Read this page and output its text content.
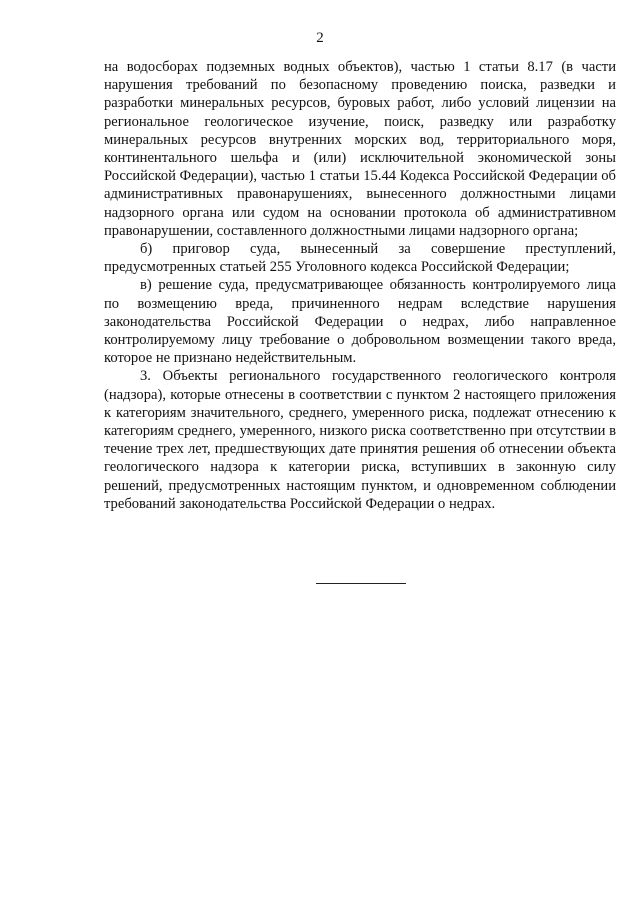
2

на водосборах подземных водных объектов), частью 1 статьи 8.17 (в части нарушения требований по безопасному проведению поиска, разведки и разработки минеральных ресурсов, буровых работ, либо условий лицензии на региональное геологическое изучение, поиск, разведку или разработку минеральных ресурсов внутренних морских вод, территориального моря, континентального шельфа и (или) исключительной экономической зоны Российской Федерации), частью 1 статьи 15.44 Кодекса Российской Федерации об административных правонарушениях, вынесенного должностными лицами надзорного органа или судом на основании протокола об административном правонарушении, составленного должностными лицами надзорного органа;

б) приговор суда, вынесенный за совершение преступлений, предусмотренных статьей 255 Уголовного кодекса Российской Федерации;

в) решение суда, предусматривающее обязанность контролируемого лица по возмещению вреда, причиненного недрам вследствие нарушения законодательства Российской Федерации о недрах, либо направленное контролируемому лицу требование о добровольном возмещении такого вреда, которое не признано недействительным.

3. Объекты регионального государственного геологического контроля (надзора), которые отнесены в соответствии с пунктом 2 настоящего приложения к категориям значительного, среднего, умеренного риска, подлежат отнесению к категориям среднего, умеренного, низкого риска соответственно при отсутствии в течение трех лет, предшествующих дате принятия решения об отнесении объекта геологического надзора к категории риска, вступивших в законную силу решений, предусмотренных настоящим пунктом, и одновременном соблюдении требований законодательства Российской Федерации о недрах.
